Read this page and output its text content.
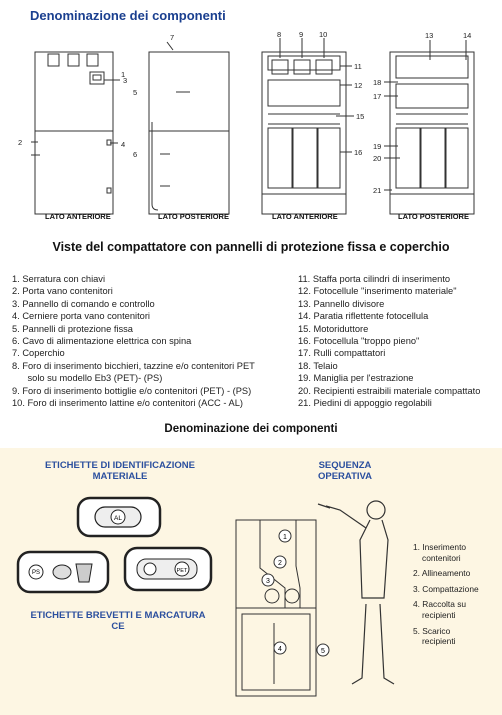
Denominazione dei componenti
1
2
3
4
5
6
7	8 9 10
11
12
13	14
15
16
17
18
19
20
21
LATO ANTERIORE	LATO POSTERIORE	LATO ANTERIORE	LATO POSTERIORE
Viste del compattatore con pannelli di protezione fissa e coperchio
1. Serratura con chiavi
2. Porta vano contenitori
3. Pannello di comando e controllo
4. Cerniere porta vano contenitori
5. Pannelli di protezione fissa
6. Cavo di alimentazione elettrica con spina
7. Coperchio
8. Foro di inserimento bicchieri, tazzine e/o contenitori PET
solo su modello Eb3 (PET)- (PS)
9. Foro di inserimento bottiglie e/o contenitori (PET) - (PS)
10. Foro di inserimento lattine e/o contenitori (ACC - AL)
11. Staffa porta cilindri di inserimento
12. Fotocellule "inserimento materiale"
13. Pannello divisore
14. Paratia riflettente fotocellula
15. Motoriduttore
16. Fotocellula "troppo pieno"
17. Rulli compattatori
18. Telaio
19. Maniglia per l'estrazione
20. Recipienti estraibili materiale compattato
21. Piedini di appoggio regolabili
Denominazione dei componenti
ETICHETTE DI IDENTIFICAZIONE MATERIALE
ETICHETTE BREVETTI E MARCATURA CE
SEQUENZA OPERATIVA
AL
PS	PET
1
2
3
4	5
1. Inserimento
contenitori
2. Allineamento
3. Compattazione
4. Raccolta su
recipienti
5. Scarico
recipienti
